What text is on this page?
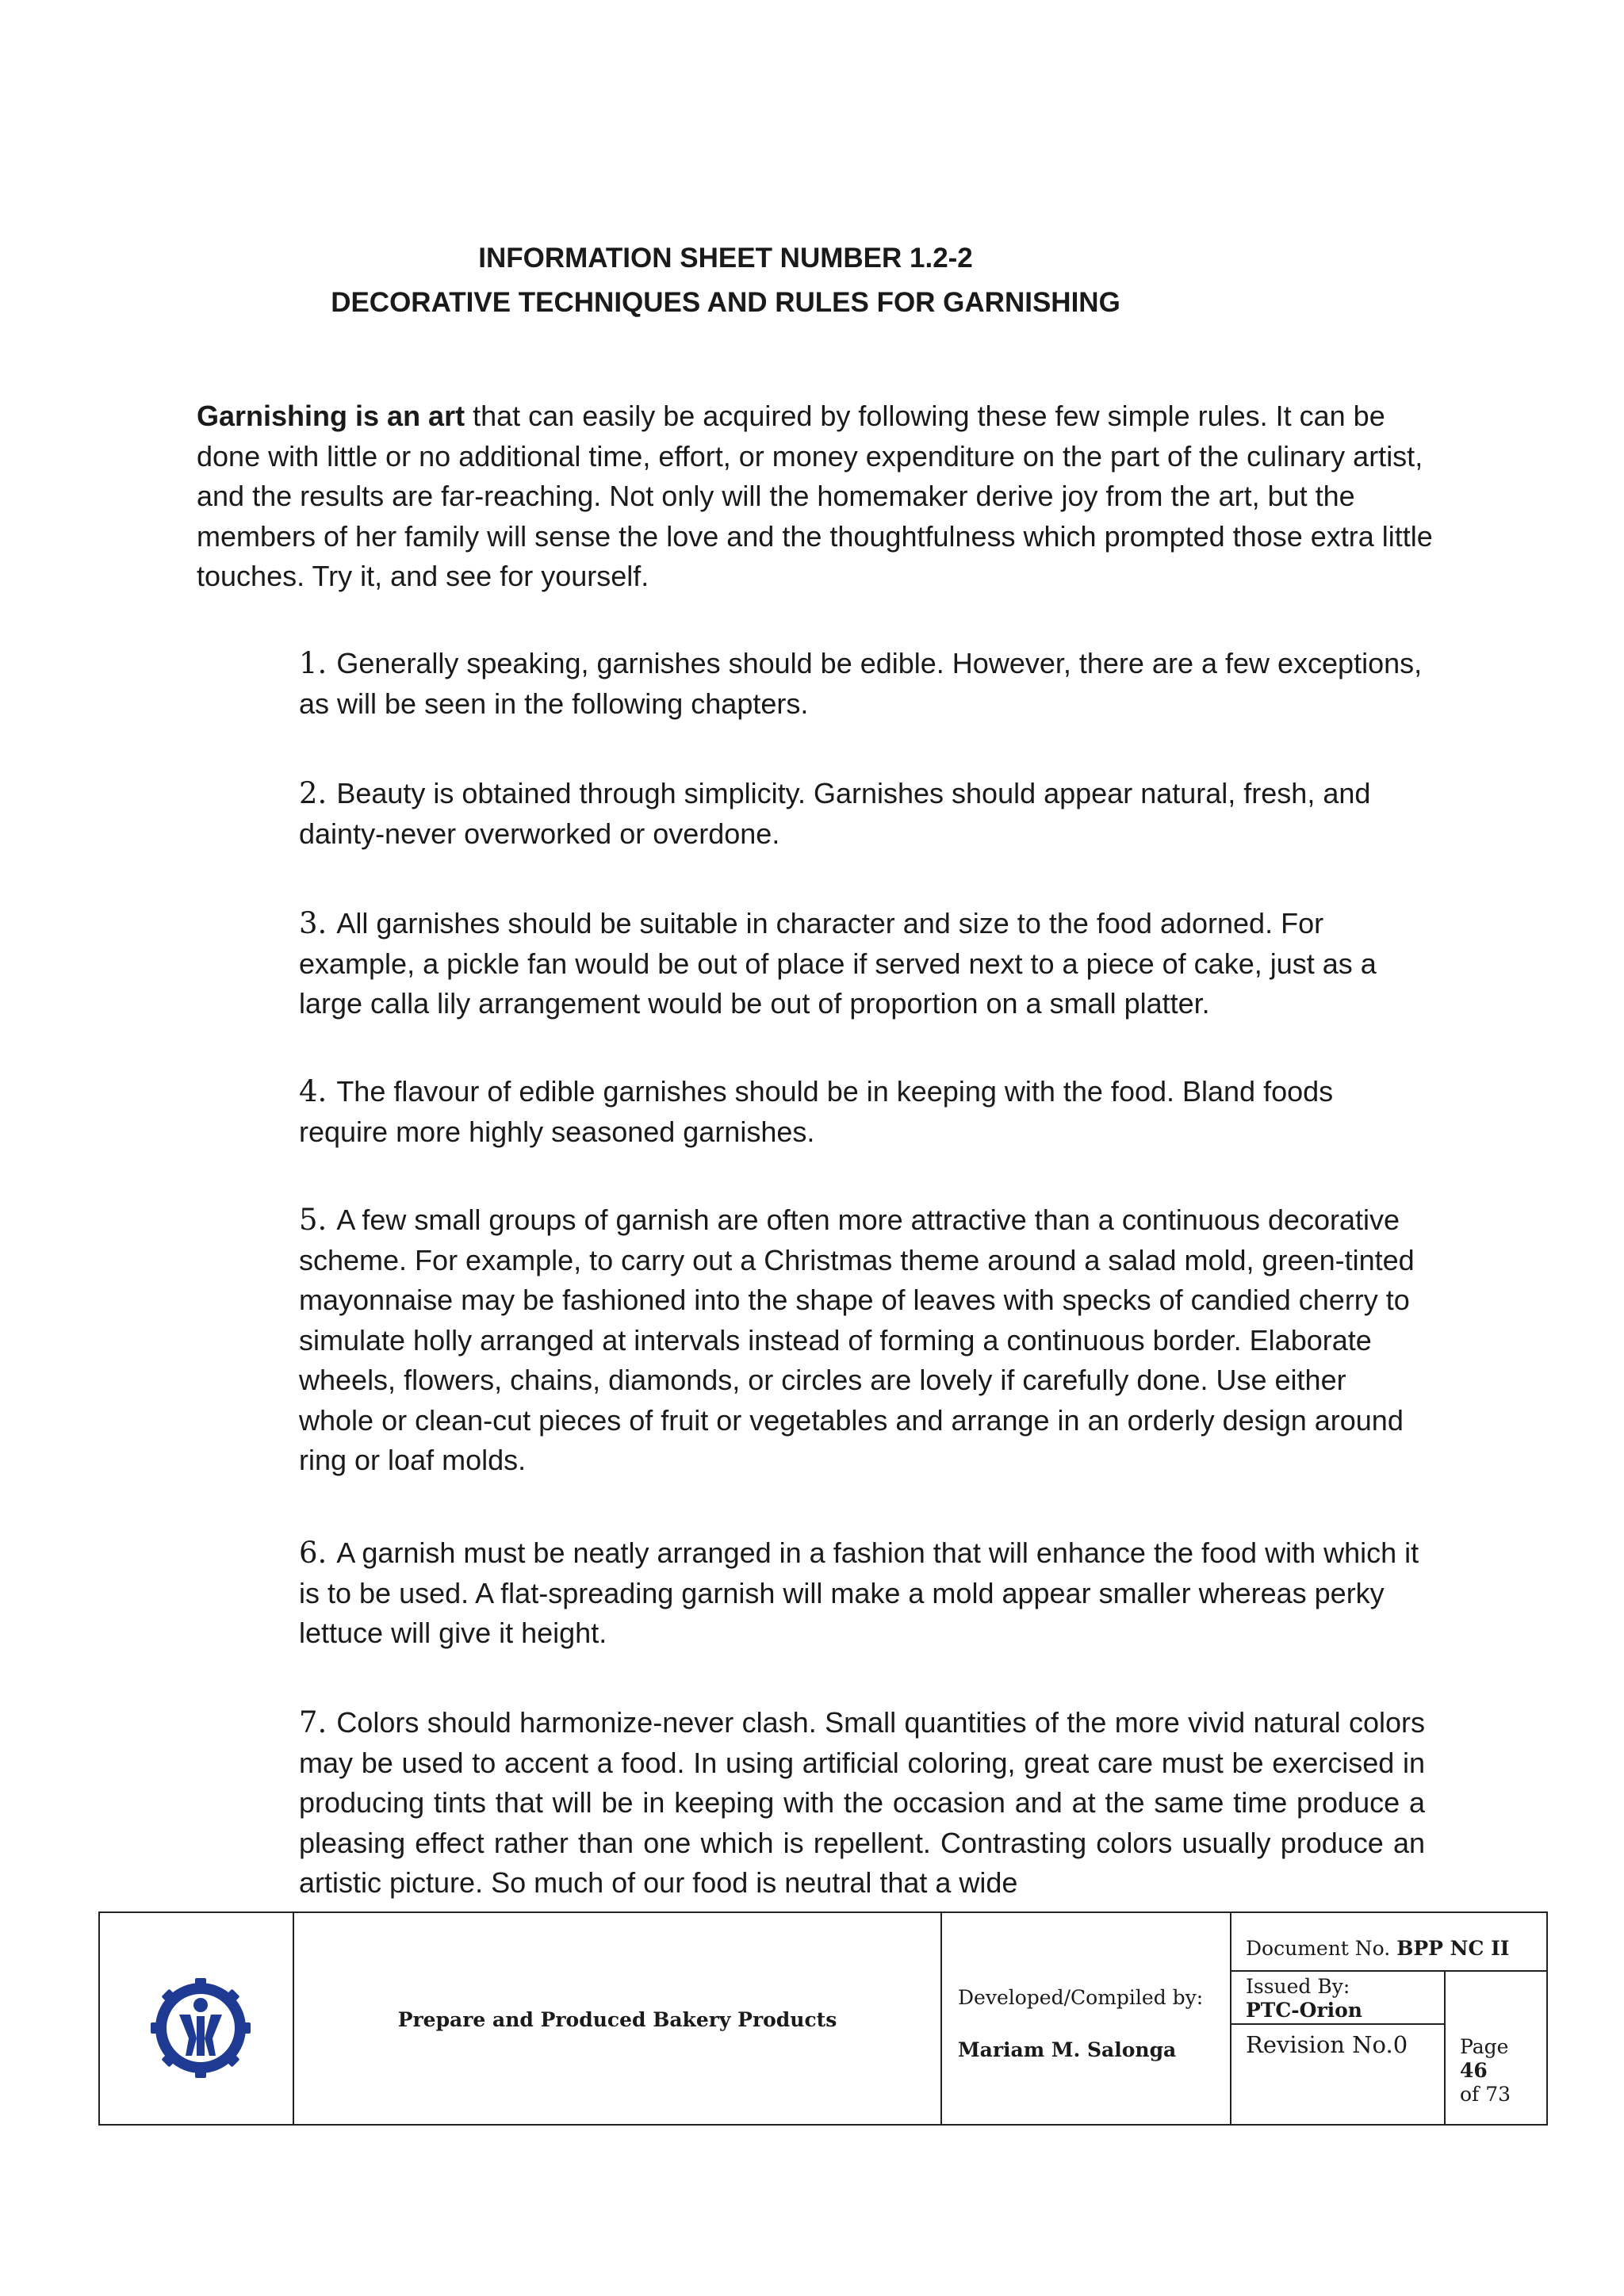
INFORMATION SHEET NUMBER 1.2-2
DECORATIVE TECHNIQUES AND RULES FOR GARNISHING
Garnishing is an art that can easily be acquired by following these few simple rules. It can be done with little or no additional time, effort, or money expenditure on the part of the culinary artist, and the results are far-reaching. Not only will the homemaker derive joy from the art, but the members of her family will sense the love and the thoughtfulness which prompted those extra little touches. Try it, and see for yourself.
1. Generally speaking, garnishes should be edible. However, there are a few exceptions, as will be seen in the following chapters.
2. Beauty is obtained through simplicity. Garnishes should appear natural, fresh, and dainty-never overworked or overdone.
3. All garnishes should be suitable in character and size to the food adorned. For example, a pickle fan would be out of place if served next to a piece of cake, just as a large calla lily arrangement would be out of proportion on a small platter.
4. The flavour of edible garnishes should be in keeping with the food. Bland foods require more highly seasoned garnishes.
5. A few small groups of garnish are often more attractive than a continuous decorative scheme. For example, to carry out a Christmas theme around a salad mold, green-tinted mayonnaise may be fashioned into the shape of leaves with specks of candied cherry to simulate holly arranged at intervals instead of forming a continuous border. Elaborate wheels, flowers, chains, diamonds, or circles are lovely if carefully done. Use either whole or clean-cut pieces of fruit or vegetables and arrange in an orderly design around ring or loaf molds.
6. A garnish must be neatly arranged in a fashion that will enhance the food with which it is to be used. A flat-spreading garnish will make a mold appear smaller whereas perky lettuce will give it height.
7. Colors should harmonize-never clash. Small quantities of the more vivid natural colors may be used to accent a food. In using artificial coloring, great care must be exercised in producing tints that will be in keeping with the occasion and at the same time produce a pleasing effect rather than one which is repellent. Contrasting colors usually produce an artistic picture. So much of our food is neutral that a wide
Prepare and Produced Bakery Products
Developed/Compiled by:
Mariam M. Salonga
Document No. BPP NC II
Issued By:
PTC-Orion
Revision No.0	Page
46
of 73
